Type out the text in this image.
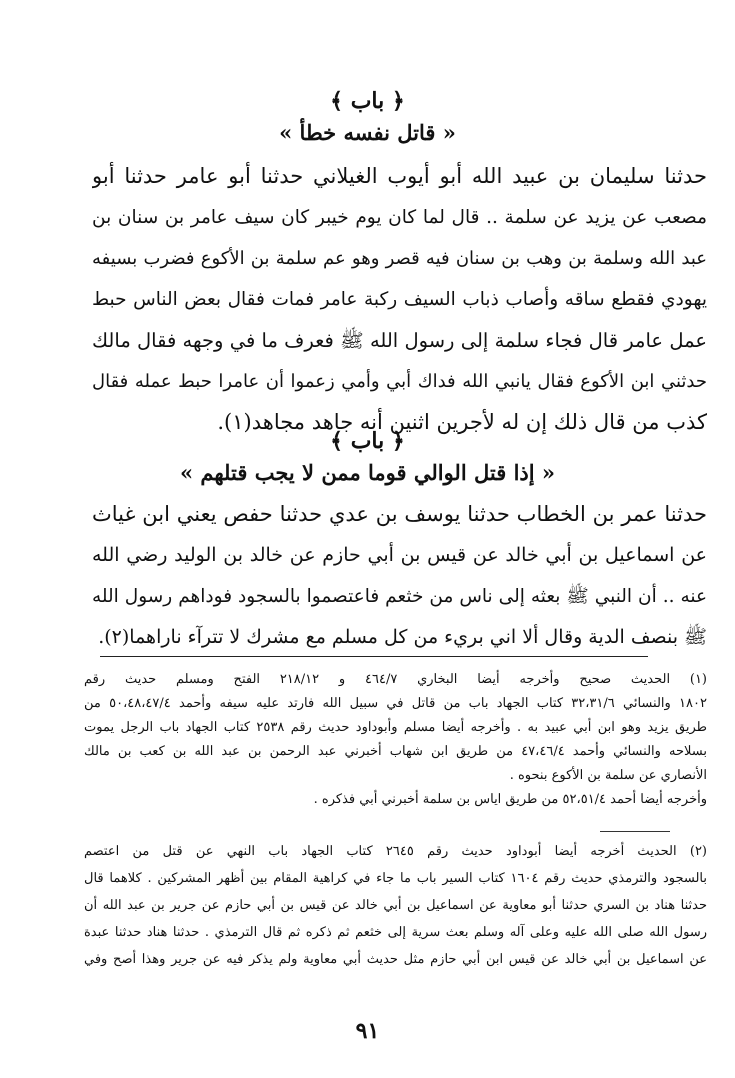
﴿ باب ﴾
« قاتل نفسه خطأ »
حدثنا سليمان بن عبيد الله أبو أيوب الغيلاني حدثنا أبو عامر حدثنا أبو
مصعب عن يزيد عن سلمة .. قال لما كان يوم خيبر كان سيف عامر بن سنان بن
عبد الله وسلمة بن وهب بن سنان فيه قصر وهو عم سلمة بن الأكوع فضرب بسيفه
يهودي فقطع ساقه وأصاب ذباب السيف ركبة عامر فمات فقال بعض الناس حبط
عمل عامر قال فجاء سلمة إلى رسول الله ﷺ فعرف ما في وجهه فقال مالك
حدثني ابن الأكوع فقال يانبي الله فداك أبي وأمي زعموا أن عامرا حبط عمله فقال
كذب من قال ذلك إن له لأجرين اثنين أنه جاهد مجاهد(١).
﴿ باب ﴾
« إذا قتل الوالي قوما ممن لا يجب قتلهم »
حدثنا عمر بن الخطاب حدثنا يوسف بن عدي حدثنا حفص يعني ابن غياث
عن اسماعيل بن أبي خالد عن قيس بن أبي حازم عن خالد بن الوليد رضي الله
عنه .. أن النبي ﷺ بعثه إلى ناس من خثعم فاعتصموا بالسجود فوداهم رسول الله
ﷺ بنصف الدية وقال ألا اني بريء من كل مسلم مع مشرك لا تترآء ناراهما(٢).
(١) الحديث صحيح وأخرجه أيضا البخاري ٤٦٤/٧ و ٢١٨/١٢ الفتح ومسلم حديث رقم
١٨٠٢ والنسائي ٣٢،٣١/٦ كتاب الجهاد باب من قاتل في سبيل الله فارتد عليه سيفه وأحمد ٥٠،٤٨،٤٧/٤ من
طريق يزيد وهو ابن أبي عبيد به . وأخرجه أيضا مسلم وأبوداود حديث رقم ٢٥٣٨ كتاب الجهاد باب الرجل يموت
بسلاحه والنسائي وأحمد ٤٧،٤٦/٤ من طريق ابن شهاب أخبرني عبد الرحمن بن عبد الله بن كعب بن مالك
الأنصاري عن سلمة بن الأكوع بنحوه .
وأخرجه أيضا أحمد ٥٢،٥١/٤ من طريق اياس بن سلمة أخبرني أبي فذكره .
(٢) الحديث أخرجه أيضا أبوداود حديث رقم ٢٦٤٥ كتاب الجهاد باب النهي عن قتل من اعتصم
بالسجود والترمذي حديث رقم ١٦٠٤ كتاب السير باب ما جاء في كراهية المقام بين أظهر المشركين . كلاهما قال
حدثنا هناد بن السري حدثنا أبو معاوية عن اسماعيل بن أبي خالد عن قيس بن أبي حازم عن جرير بن عبد الله أن
رسول الله صلى الله عليه وعلى آله وسلم بعث سرية إلى خثعم ثم ذكره ثم قال الترمذي . حدثنا هناد حدثنا عبدة
عن اسماعيل بن أبي خالد عن قيس ابن أبي حازم مثل حديث أبي معاوية ولم يذكر فيه عن جرير وهذا أصح وفي
٩١
